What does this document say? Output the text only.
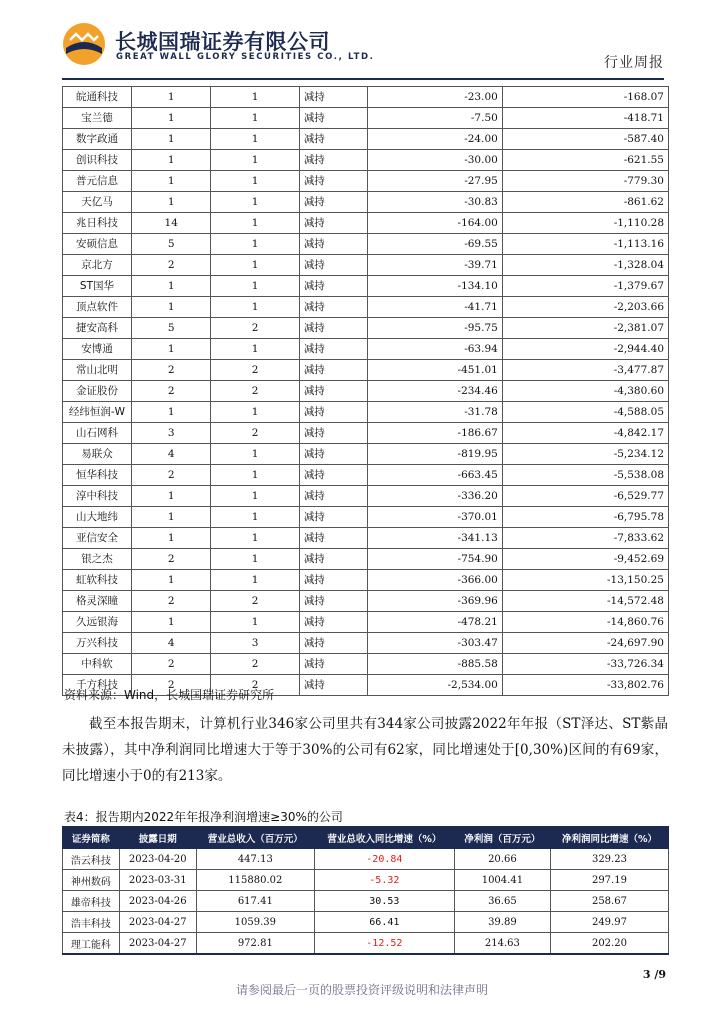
长城国瑞证券有限公司
GREAT WALL GLORY SECURITIES CO., LTD.	行业周报
皖通科技	1	1	减持	-23.00	-168.07
宝兰德	1	1	减持	-7.50	-418.71
数字政通	1	1	减持	-24.00	-587.40
创识科技	1	1	减持	-30.00	-621.55
普元信息	1	1	减持	-27.95	-779.30
天亿马	1	1	减持	-30.83	-861.62
兆日科技	14	1	减持	-164.00	-1,110.28
安硕信息	5	1	减持	-69.55	-1,113.16
京北方	2	1	减持	-39.71	-1,328.04
ST国华	1	1	减持	-134.10	-1,379.67
顶点软件	1	1	减持	-41.71	-2,203.66
捷安高科	5	2	减持	-95.75	-2,381.07
安博通	1	1	减持	-63.94	-2,944.40
常山北明	2	2	减持	-451.01	-3,477.87
金证股份	2	2	减持	-234.46	-4,380.60
经纬恒润-W	1	1	减持	-31.78	-4,588.05
山石网科	3	2	减持	-186.67	-4,842.17
易联众	4	1	减持	-819.95	-5,234.12
恒华科技	2	1	减持	-663.45	-5,538.08
淳中科技	1	1	减持	-336.20	-6,529.77
山大地纬	1	1	减持	-370.01	-6,795.78
亚信安全	1	1	减持	-341.13	-7,833.62
银之杰	2	1	减持	-754.90	-9,452.69
虹软科技	1	1	减持	-366.00	-13,150.25
格灵深瞳	2	2	减持	-369.96	-14,572.48
久远银海	1	1	减持	-478.21	-14,860.76
万兴科技	4	3	减持	-303.47	-24,697.90
中科软	2	2	减持	-885.58	-33,726.34
千方科技	2	2	减持	-2,534.00	-33,802.76
资料来源：Wind，长城国瑞证券研究所
截至本报告期末，计算机行业346家公司里共有344家公司披露2022年年报（ST泽达、ST紫晶未披露），其中净利润同比增速大于等于30%的公司有62家，同比增速处于[0,30%)区间的有69家，同比增速小于0的有213家。
表4：报告期内2022年年报净利润增速≥30%的公司
证券简称	披露日期	营业总收入（百万元）	营业总收入同比增速（%）	净利润（百万元）	净利润同比增速（%）
浩云科技	2023-04-20	447.13	-20.84	20.66	329.23
神州数码	2023-03-31	115880.02	-5.32	1004.41	297.19
雄帝科技	2023-04-26	617.41	30.53	36.65	258.67
浩丰科技	2023-04-27	1059.39	66.41	39.89	249.97
理工能科	2023-04-27	972.81	-12.52	214.63	202.20
3 /9
请参阅最后一页的股票投资评级说明和法律声明
